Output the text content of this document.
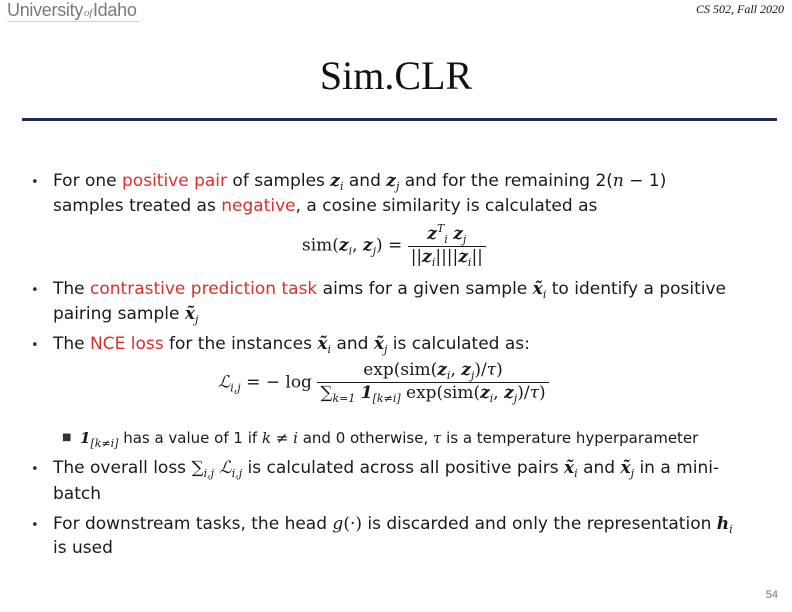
UniversityofIdaho	CS 502, Fall 2020
Sim.CLR
• For one positive pair of samples $z_i$ and $z_j$ and for the remaining 2(n − 1)
samples treated as negative, a cosine similarity is calculated as
$sim(z_i$, $z_j) = \frac{z^T_i z_j}{||z_i||||z_i||}$
• The contrastive prediction task aims for a given sample $x̃_i$ to identify a positive
pairing sample $x̃_j$
• The NCE loss for the instances $x̃_i$ and $x̃_j$ is calculated as:
ℒ$_{i,j}$ = − $\log \frac{\exp(sim(z_i, z_j)/\tau)}{\sum_{k=1} 1_{[k\ne i]} \exp(sim(z_i, z_j)/\tau)}$
■ $1_{[k\ne i]}$ has a value of 1 if k ≠ i and 0 otherwise, τ is a temperature hyperparameter
• The overall loss $\sum_{i,j}$ ℒ$_{i,j}$ is calculated across all positive pairs $x̃_i$ and $x̃_j$ in a mini-
batch
• For downstream tasks, the head g(·) is discarded and only the representation $h_i$
is used
54
